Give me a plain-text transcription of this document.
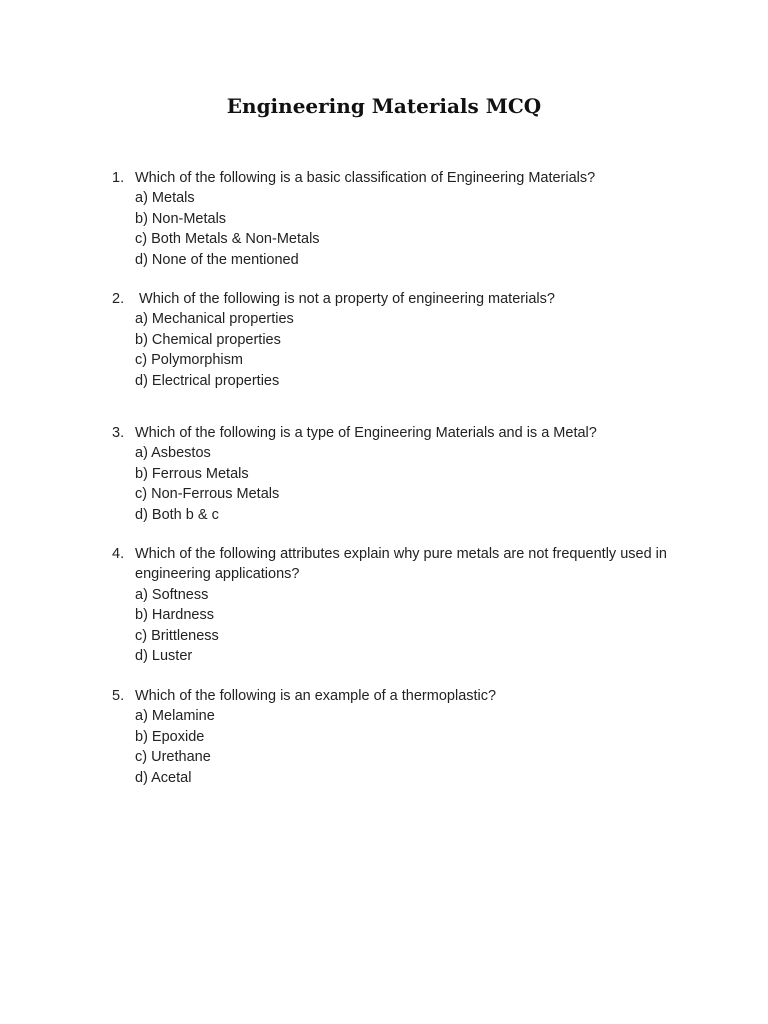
Engineering Materials MCQ
1. Which of the following is a basic classification of Engineering Materials?
a) Metals
b) Non-Metals
c) Both Metals & Non-Metals
d) None of the mentioned
2. Which of the following is not a property of engineering materials?
a) Mechanical properties
b) Chemical properties
c) Polymorphism
d) Electrical properties
3. Which of the following is a type of Engineering Materials and is a Metal?
a) Asbestos
b) Ferrous Metals
c) Non-Ferrous Metals
d) Both b & c
4. Which of the following attributes explain why pure metals are not frequently used in engineering applications?
a) Softness
b) Hardness
c) Brittleness
d) Luster
5. Which of the following is an example of a thermoplastic?
a) Melamine
b) Epoxide
c) Urethane
d) Acetal
